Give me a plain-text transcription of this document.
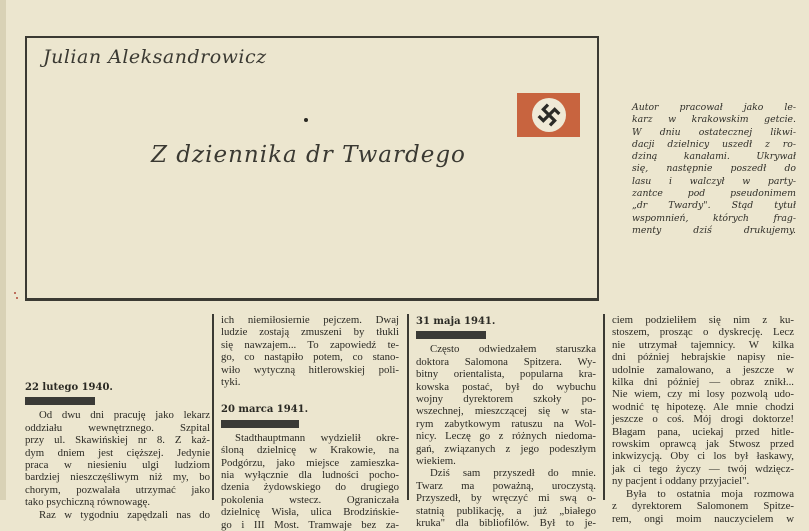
Julian Aleksandrowicz
Z dziennika dr Twardego
Autor pracował jako le-
karz w krakowskim getcie.
W dniu ostatecznej likwi-
dacji dzielnicy uszedł z ro-
dziną kanałami. Ukrywał
się, następnie poszedł do
lasu i walczył w party-
zantce pod pseudonimem
„dr Twardy". Stąd tytuł
wspomnień, których frag-
menty dziś drukujemy.
22 lutego 1940.
Od dwu dni pracuję jako lekarz
oddziału wewnętrznego. Szpital
przy ul. Skawińskiej nr 8. Z każ-
dym dniem jest cięższej. Jedynie
praca w niesieniu ulgi ludziom
bardziej nieszczęśliwym niż my, bo
chorym, pozwalała utrzymać jako
tako psychiczną równowagę.
Raz w tygodniu zapędzali nas do
ich niemiłosiernie pejczem. Dwaj
ludzie zostają zmuszeni by tłukli
się nawzajem... To zapowiedź te-
go, co nastąpiło potem, co stano-
wiło wytyczną hitlerowskiej poli-
tyki.
20 marca 1941.
Stadthauptmann wydzielił okre-
śloną dzielnicę w Krakowie, na
Podgórzu, jako miejsce zamieszka-
nia wyłącznie dla ludności pocho-
dzenia żydowskiego do drugiego
pokolenia wstecz. Ograniczała
dzielnicę Wisła, ulica Brodzińskie-
go i III Most. Tramwaje bez za-
31 maja 1941.
Często odwiedzałem staruszka
doktora Salomona Spitzera. Wy-
bitny orientalista, popularna kra-
kowska postać, był do wybuchu
wojny dyrektorem szkoły po-
wszechnej, mieszczącej się w sta-
rym zabytkowym ratuszu na Wol-
nicy. Leczę go z różnych niedoma-
gań, związanych z jego podeszłym
wiekiem.
Dziś sam przyszedł do mnie.
Twarz ma poważną, uroczystą.
Przyszedł, by wręczyć mi swą o-
statnią publikację, a już „białego
kruka" dla bibliofilów. Był to je-
ciem podzieliłem się nim z ku-
stoszem, prosząc o dyskrecję. Lecz
nie utrzymał tajemnicy. W kilka
dni później hebrajskie napisy nie-
udolnie zamalowano, a jeszcze w
kilka dni później — obraz znikł...
Nie wiem, czy mi losy pozwolą udo-
wodnić tę hipotezę. Ale mnie chodzi
jeszcze o coś. Mój drogi doktorze!
Błagam pana, uciekaj przed hitle-
rowskim oprawcą jak Stwosz przed
inkwizycją. Oby ci los był łaskawy,
jak ci tego życzy — twój wdzięcz-
ny pacjent i oddany przyjaciel".
Była to ostatnia moja rozmowa
z dyrektorem Salomonem Spitze-
rem, ongi moim nauczycielem w
